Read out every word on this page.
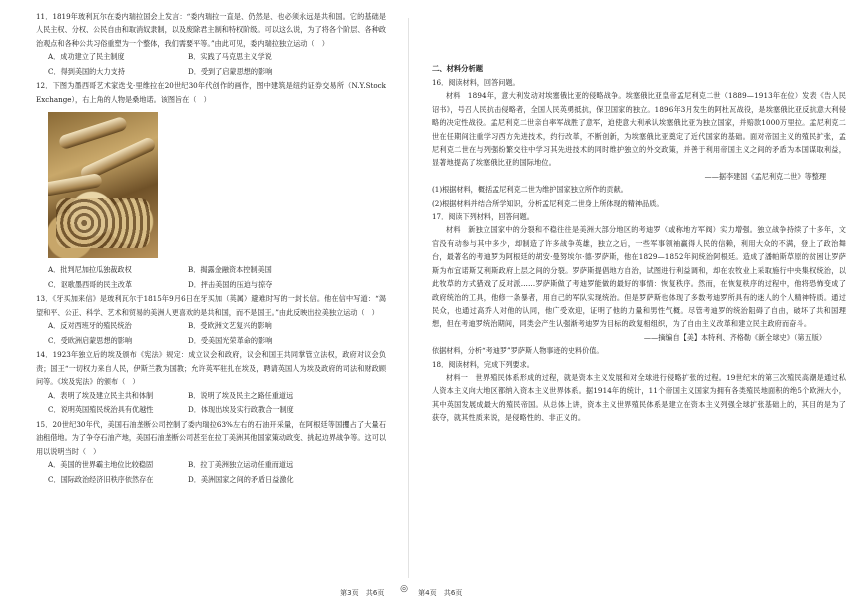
11．1819年玻利瓦尔在委内瑞拉国会上发言：“委内瑞拉一直是、仍然是、也必须永远是共和国。它的基础是人民主权、分权、公民自由和取消奴隶制，以及废除君主制和特权阶级。可以这么说，为了将各个阶层、各种政治观点和各种公共习俗重塑为一个整体，我们需要平等。”由此可见，委内瑞拉独立运动（　）

A．成功建立了民主制度	B．实践了马克思主义学说
C．得到美国的大力支持	D．受到了启蒙思想的影响

12．下图为墨西哥艺术家迭戈·里维拉在20世纪30年代创作的画作，图中建筑是纽约证券交易所（N.Y.Stock Exchange），右上角的人物是桑地诺。该图旨在（　）

A．批判尼加拉瓜独裁政权	B．揭露金融资本控制美国
C．讴歌墨西哥的民主改革	D．抨击美国的压迫与掠夺

13．《牙买加来信》是玻利瓦尔于1815年9月6日在牙买加（英属）避难时写的一封长信。他在信中写道：“渴望和平、公正、科学、艺术和贸易的美洲人更喜欢的是共和国，而不是国王。”由此反映出拉美独立运动（　）

A．反对西班牙的殖民统治	B．受欧洲文艺复兴的影响
C．受欧洲启蒙思想的影响	D．受美国光荣革命的影响

14．1923年独立后的埃及颁布《宪法》规定：成立议会和政府，议会和国王共同掌管立法权，政府对议会负责；国王“一切权力来自人民，伊斯兰教为国教；允许英军驻扎在埃及，聘请英国人为埃及政府的司法和财政顾问等。《埃及宪法》的颁布（　）

A．表明了埃及建立民主共和体制	B．说明了埃及民主之路任重道远
C．说明英国殖民统治具有优越性	D．体现出埃及实行政教合一制度

15．20世纪30年代，美国石油垄断公司控制了委内瑞拉63%左右的石油开采量，在阿根廷等国攫占了大量石油租借地。为了争夺石油产地，美国石油垄断公司甚至在拉丁美洲其他国家策动政变、挑起边界战争等。这可以用以说明当时（　）

A．美国的世界霸主地位比较稳固	B．拉丁美洲独立运动任重而道远
C．国际政治经济旧秩序依然存在	D．美洲国家之间的矛盾日益激化
二、材料分析题

16．阅读材料，回答问题。

材料　1894年，意大利发动对埃塞俄比亚的侵略战争。埃塞俄比亚皇帝孟尼利克二世（1889—1913年在位）发表《告人民诏书》，号召人民抗击侵略者，全国人民英勇抵抗，保卫国家的独立。1896年3月发生的阿杜瓦战役，是埃塞俄比亚反抗意大利侵略的决定性战役。孟尼利克二世亲自率军战胜了意军，迫使意大利承认埃塞俄比亚为独立国家，并赔款1000万里拉。孟尼利克二世在任期间注重学习西方先进技术，约行改革，不断创新，为埃塞俄比亚奠定了近代国家的基础。面对帝国主义的殖民扩张，孟尼利克二世在与列强纷繁交往中学习其先进技术的同时维护独立的外交政策，并善于利用帝国主义之间的矛盾为本国谋取利益，显著地提高了埃塞俄比亚的国际地位。

——据李建国《孟尼利克二世》等整理

(1)根据材料，概括孟尼利克二世为维护国家独立所作的贡献。

(2)根据材料并结合所学知识，分析孟尼利克二世身上所体现的精神品质。

17．阅读下列材料，回答问题。

材料　新独立国家中的分裂和不稳往往是美洲大部分地区的考迪罗（或称地方军阀）实力增强。独立战争持续了十多年，文官没有动参与其中多少，却制造了许多战争英雄，独立之后，一些军事领袖赢得人民的信赖，利用大众的不满，登上了政治舞台，最著名的考迪罗为阿根廷的胡安·曼努埃尔·德·罗萨斯，他在1829—1852年间统治阿根廷。造成了潘帕斯草原的贫困让罗萨斯为布宜诺斯艾利斯政府上层之间的分裂。罗萨斯提倡地方自治，试图进行利益调和，却在农牧业上采取施行中央集权统治，以此牧草的方式猎戏了反对派……罗萨斯做了考迪罗能做的最好的事情：恢复秩序。然而，在恢复秩序的过程中，他将恐怖变成了政府统治的工具，他修一条暴者，用自己的军队实现统治。但是罗萨斯也体现了多数考迪罗所具有的迷人的个人精神特质。通过民众，也通过高乔人对他的认同，他广受欢迎，证明了他的力量和男性气概。尽管考迪罗的统治阻碍了自由，破坏了共和国理想，但在考迪罗统治期间，同类会产生认强渐考迪罗为目标的政复相组织，为了自由主义改革和建立民主政府而奋斗。

——摘编自【美】本特利、齐格勒《新全球史》（第五版）

依据材料，分析“考迪罗”罗萨斯人物事迹的史料价值。

18．阅读材料，完成下列要求。

材料一　世界殖民体系形成的过程，就是资本主义发展和对全球进行侵略扩张的过程。19世纪末的第三次殖民高潮是通过私人资本主义向大地区都纳入资本主义世界体系。据1914年的统计，11个帝国主义国家为拥有各类殖民地面积的绝5个欧洲大小，其中英国发展成最大的殖民帝国。从总体上讲，资本主义世界殖民体系是建立在资本主义列强全球扩张基础上的，其目的是为了获夺，就其性质来说，是侵略性的、非正义的。

第3页　共6页 ◎ 第4页　共6页
